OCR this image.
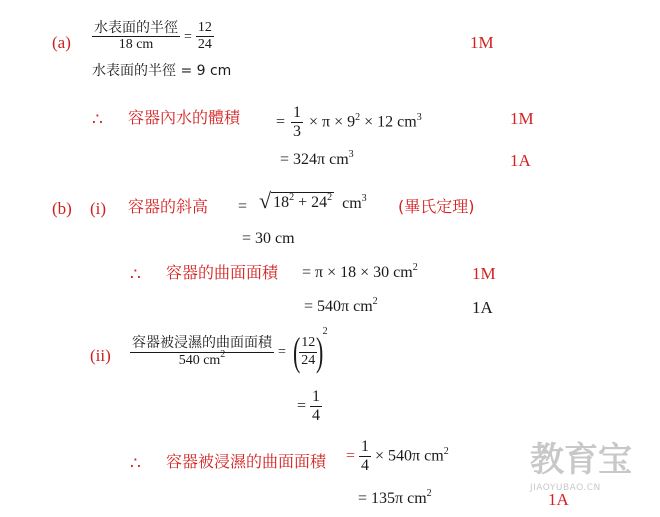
$(a) \frac{\text{水表面的半徑}}{18 cm} = \frac{12}{24}$	1M
水表面的半徑 = 9 cm
∴ 容器內水的體積 = $\frac{1}{3} \times \pi \times 9^2 \times 12$ $cm^3$	1M
= 324π $cm^3$	1A
(b) (i) 容器的斜高 = √ $18^2 + 24^2$ $cm^3$ (畢氏定理)
= 30 cm
∴ 容器的曲面面積 = π × 18 × 30 $cm^2$	1M
= 540π $cm^2$	1A
$(ii) \frac{\text{容器被浸濕的曲面面積}}{540 cm^2}$ = (
$\frac{12}{24}$
)$^2$
= $\frac{1}{4}$
∴ 容器被浸濕的曲面面積 = $\frac{1}{4} \times 540\pi$ $cm^2$
= 135π $cm^2$	1A
教育宝
JIAOYUBAO.CN
